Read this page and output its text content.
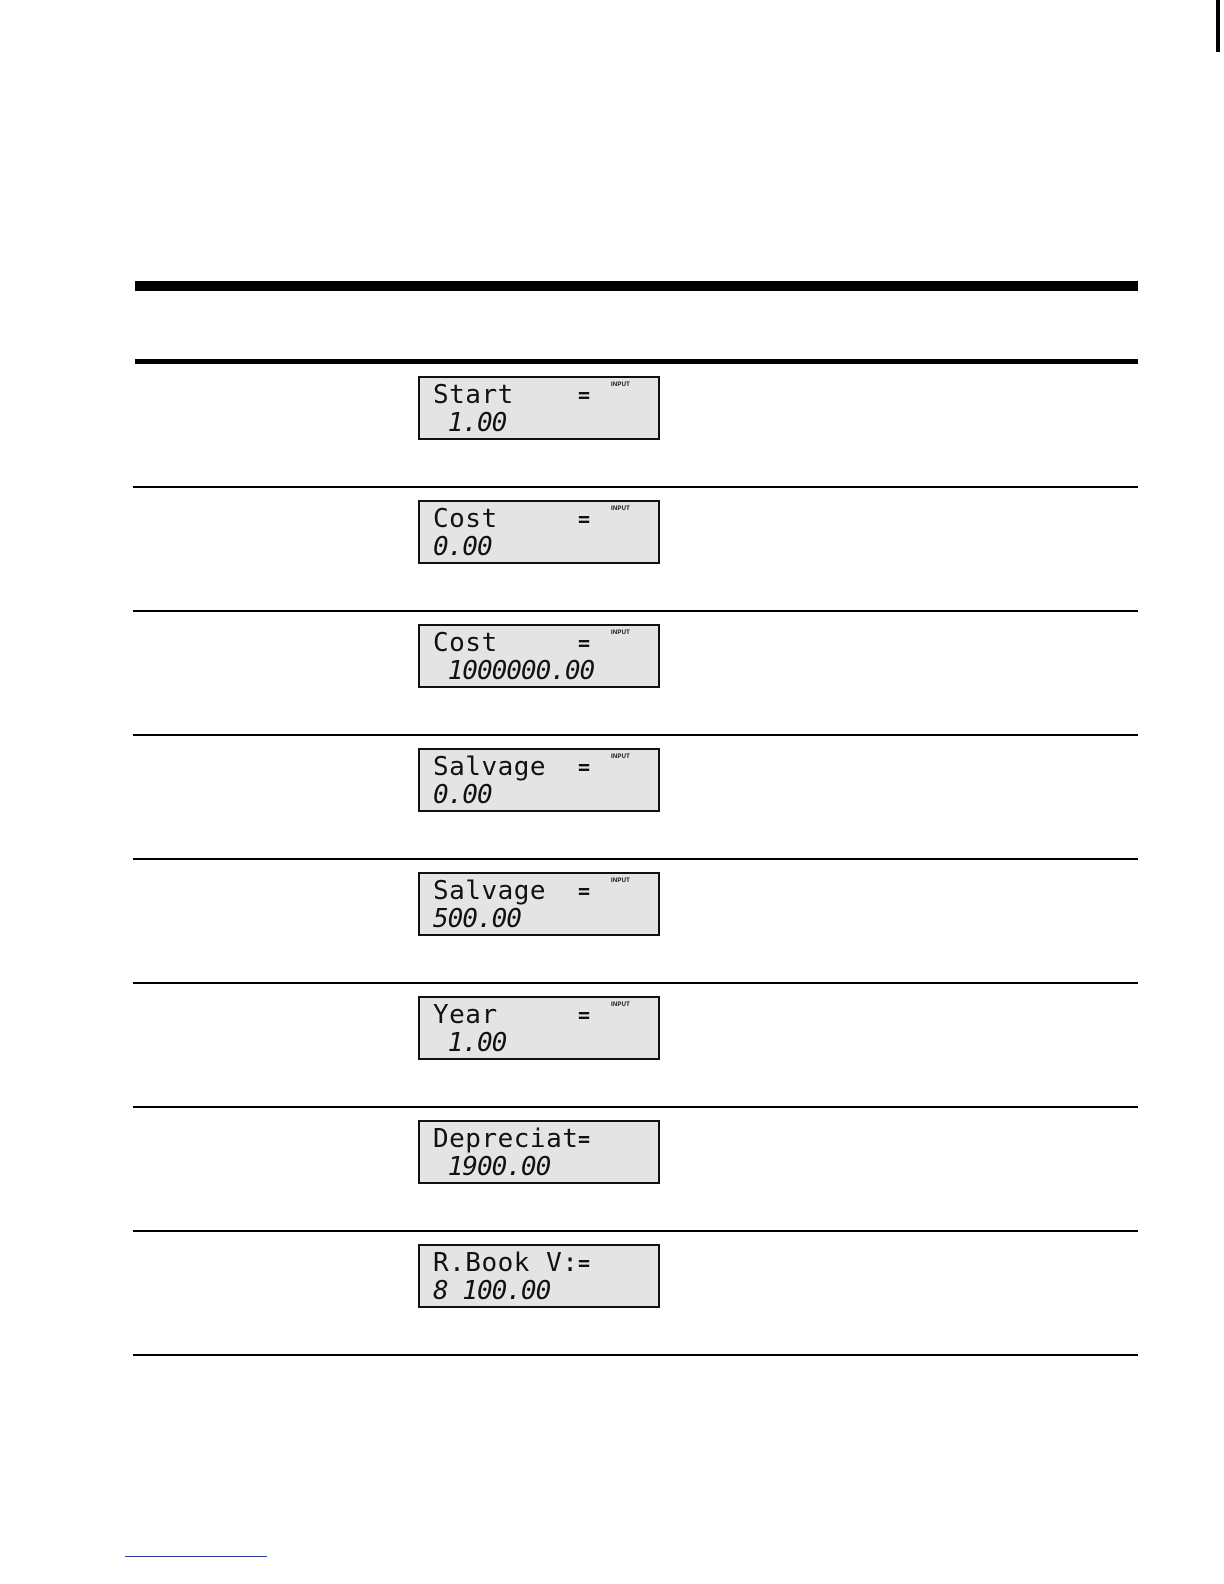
Start	=	INPUT
1.00
Cost	=	INPUT
0.00
Cost	=	INPUT
1000000.00
Salvage =	INPUT
0.00
Salvage =	INPUT
500.00
Year	=	INPUT
1.00
Depreciat =
1900.00
R.Book V: =
8 100.00
